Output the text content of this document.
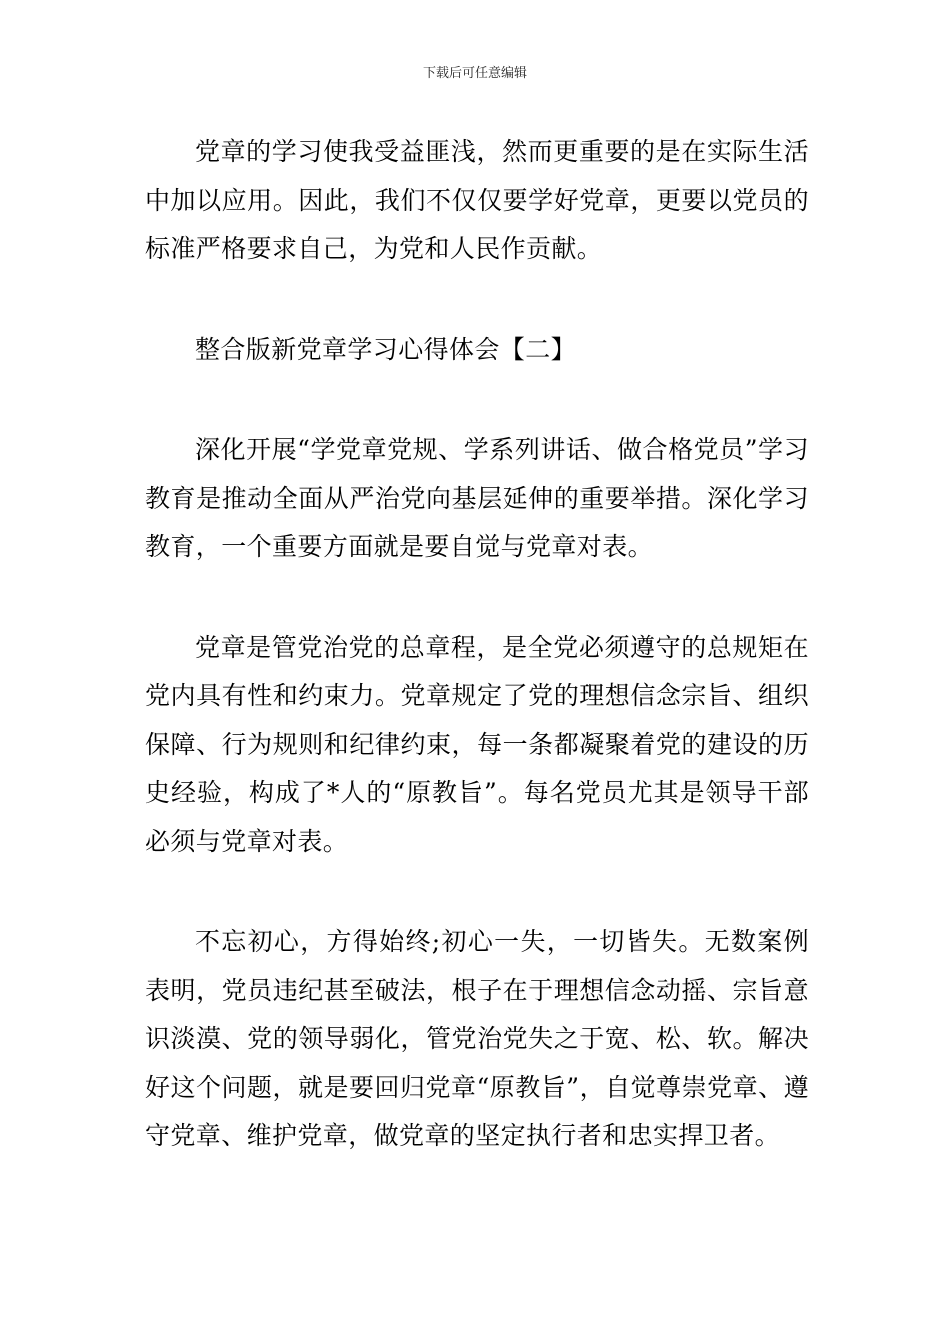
下载后可任意编辑

党章的学习使我受益匪浅，然而更重要的是在实际生活中加以应用。因此，我们不仅仅要学好党章，更要以党员的标准严格要求自己，为党和人民作贡献。

整合版新党章学习心得体会【二】

深化开展“学党章党规、学系列讲话、做合格党员”学习教育是推动全面从严治党向基层延伸的重要举措。深化学习教育，一个重要方面就是要自觉与党章对表。

党章是管党治党的总章程，是全党必须遵守的总规矩在党内具有性和约束力。党章规定了党的理想信念宗旨、组织保障、行为规则和纪律约束，每一条都凝聚着党的建设的历史经验，构成了*人的“原教旨”。每名党员尤其是领导干部必须与党章对表。

不忘初心，方得始终;初心一失，一切皆失。无数案例表明，党员违纪甚至破法，根子在于理想信念动摇、宗旨意识淡漠、党的领导弱化，管党治党失之于宽、松、软。解决好这个问题，就是要回归党章“原教旨”，自觉尊崇党章、遵守党章、维护党章，做党章的坚定执行者和忠实捍卫者。
